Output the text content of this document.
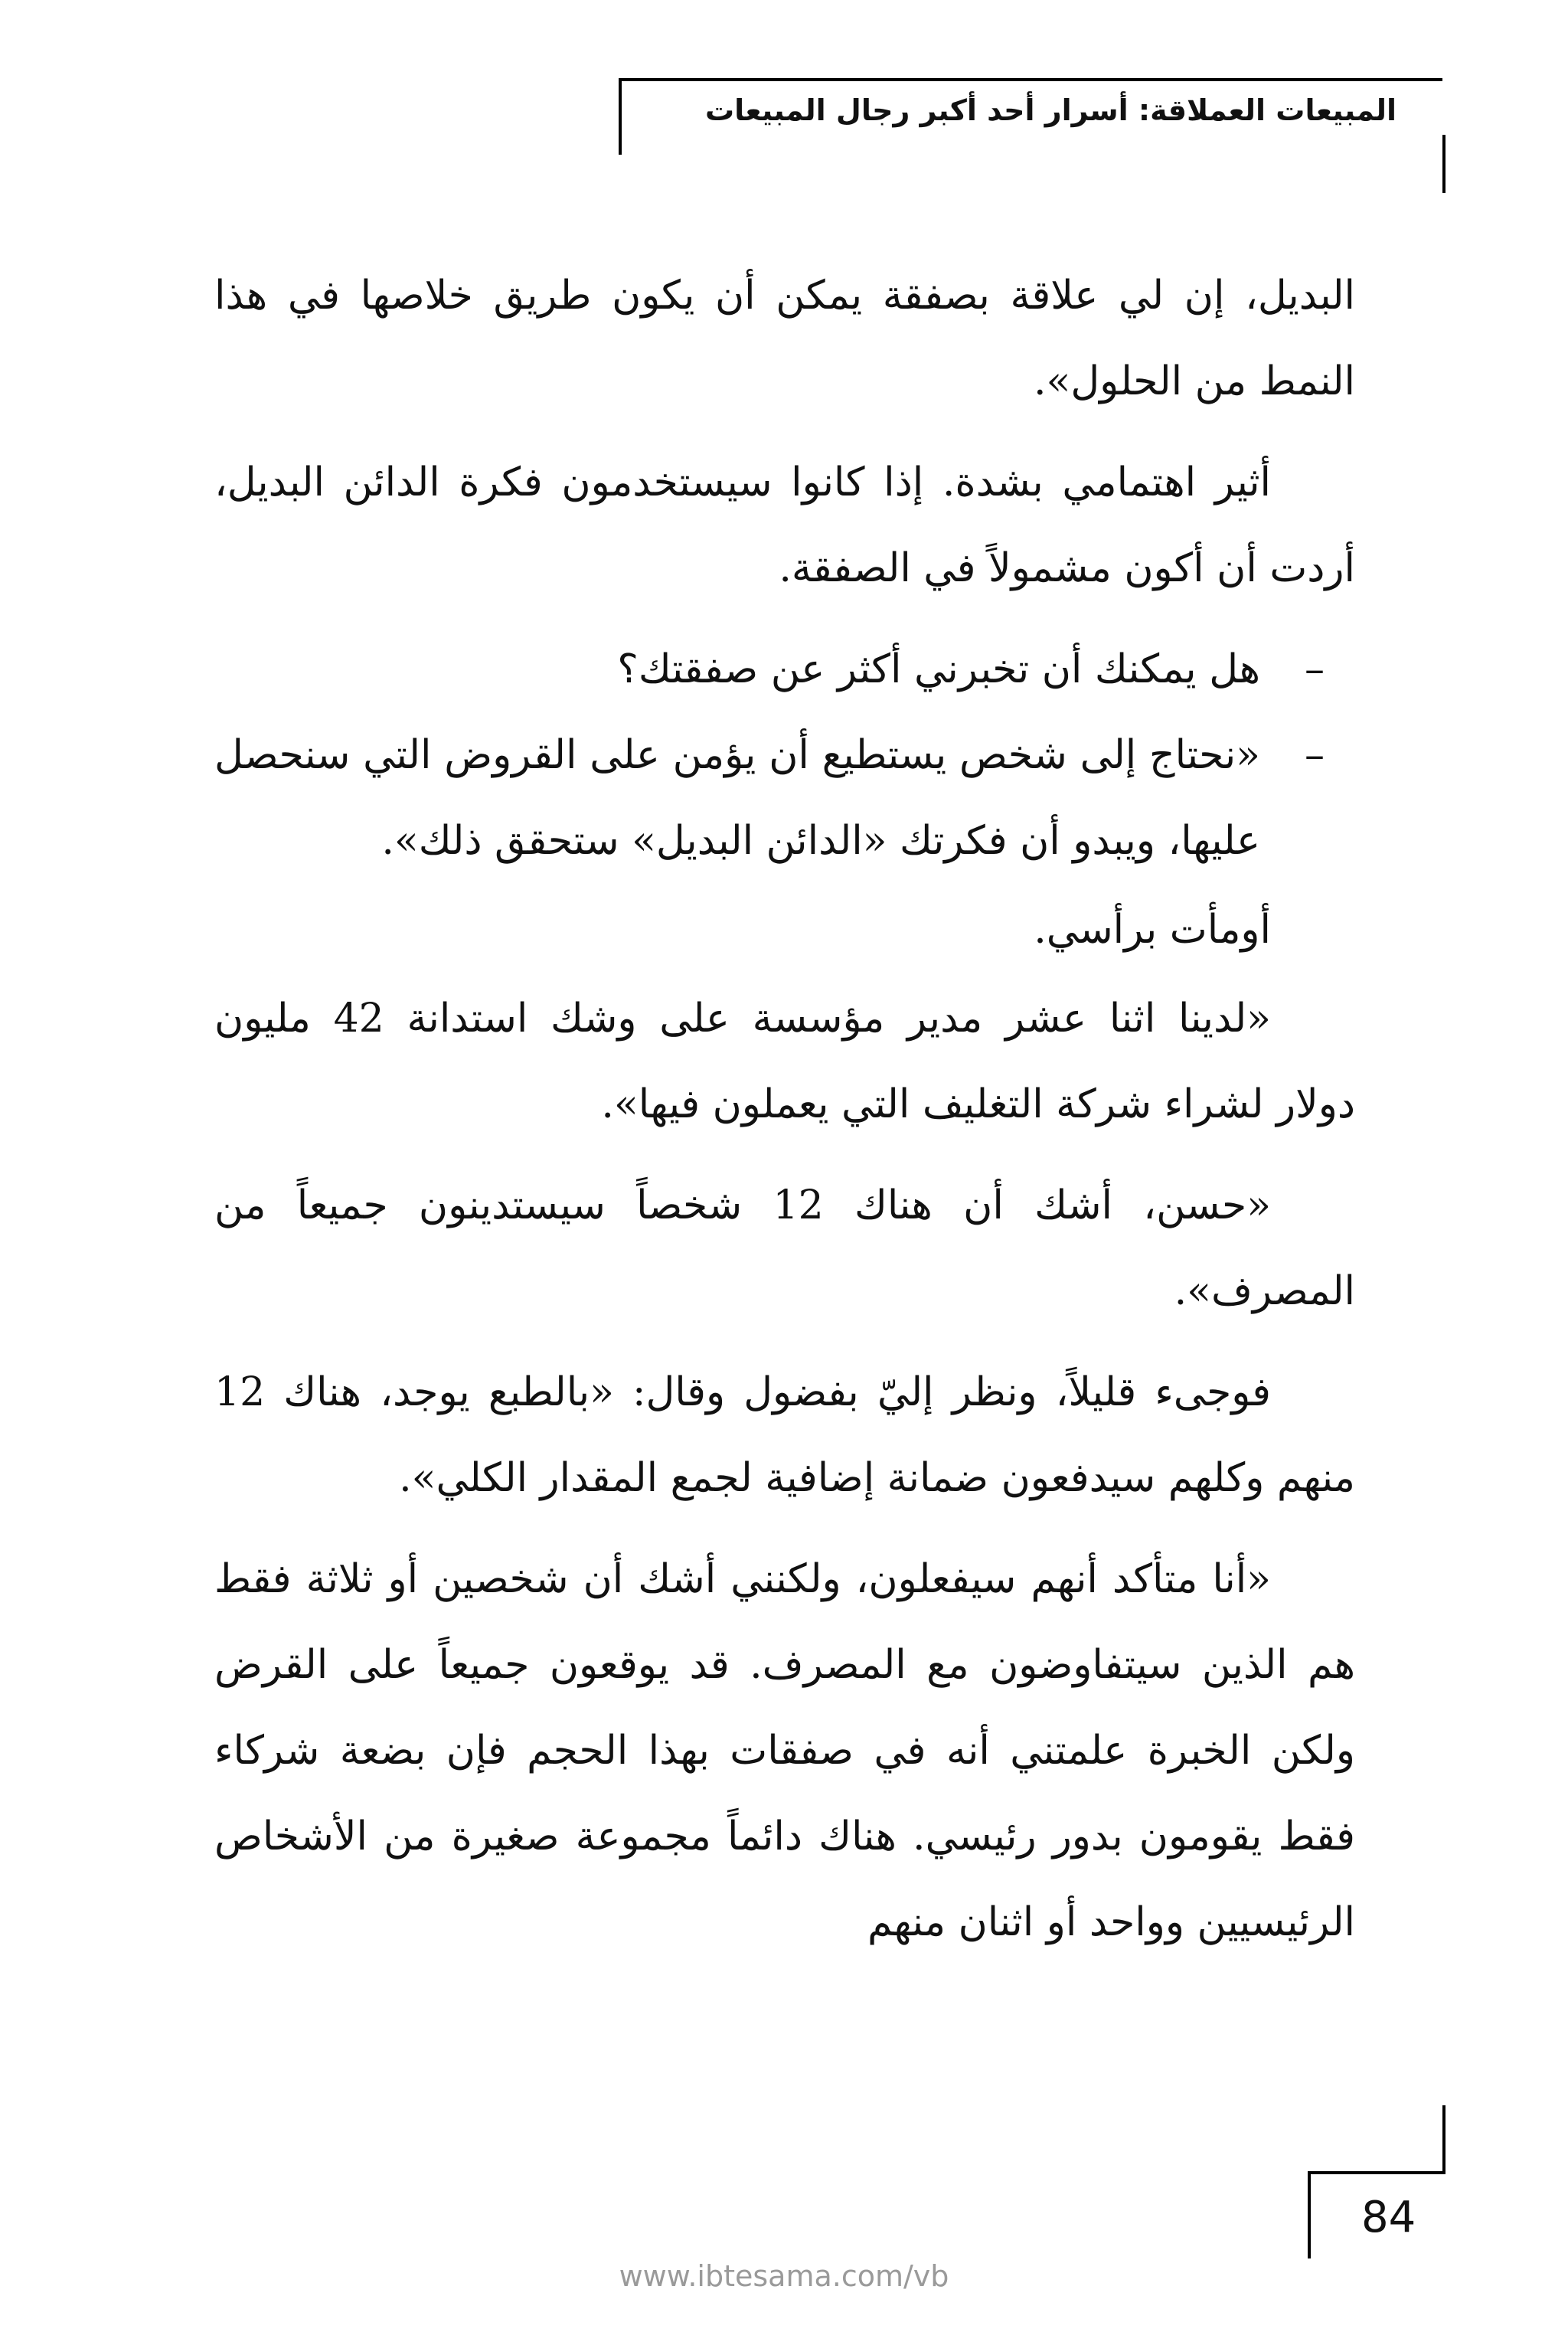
المبيعات العملاقة: أسرار أحد أكبر رجال المبيعات

البديل، إن لي علاقة بصفقة يمكن أن يكون طريق خلاصها في هذا النمط من الحلول».

أثير اهتمامي بشدة. إذا كانوا سيستخدمون فكرة الدائن البديل، أردت أن أكون مشمولاً في الصفقة.

–
هل يمكنك أن تخبرني أكثر عن صفقتك؟
–
«نحتاج إلى شخص يستطيع أن يؤمن على القروض التي سنحصل عليها، ويبدو أن فكرتك «الدائن البديل» ستحقق ذلك».

أومأت برأسي.

«لدينا اثنا عشر مدير مؤسسة على وشك استدانة 42 مليون دولار لشراء شركة التغليف التي يعملون فيها».

«حسن، أشك أن هناك 12 شخصاً سيستدينون جميعاً من المصرف».

فوجىء قليلاً، ونظر إليّ بفضول وقال: «بالطبع يوجد، هناك 12 منهم وكلهم سيدفعون ضمانة إضافية لجمع المقدار الكلي».

«أنا متأكد أنهم سيفعلون، ولكنني أشك أن شخصين أو ثلاثة فقط هم الذين سيتفاوضون مع المصرف. قد يوقعون جميعاً على القرض ولكن الخبرة علمتني أنه في صفقات بهذا الحجم فإن بضعة شركاء فقط يقومون بدور رئيسي. هناك دائماً مجموعة صغيرة من الأشخاص الرئيسيين وواحد أو اثنان منهم

84
www.ibtesama.com/vb
